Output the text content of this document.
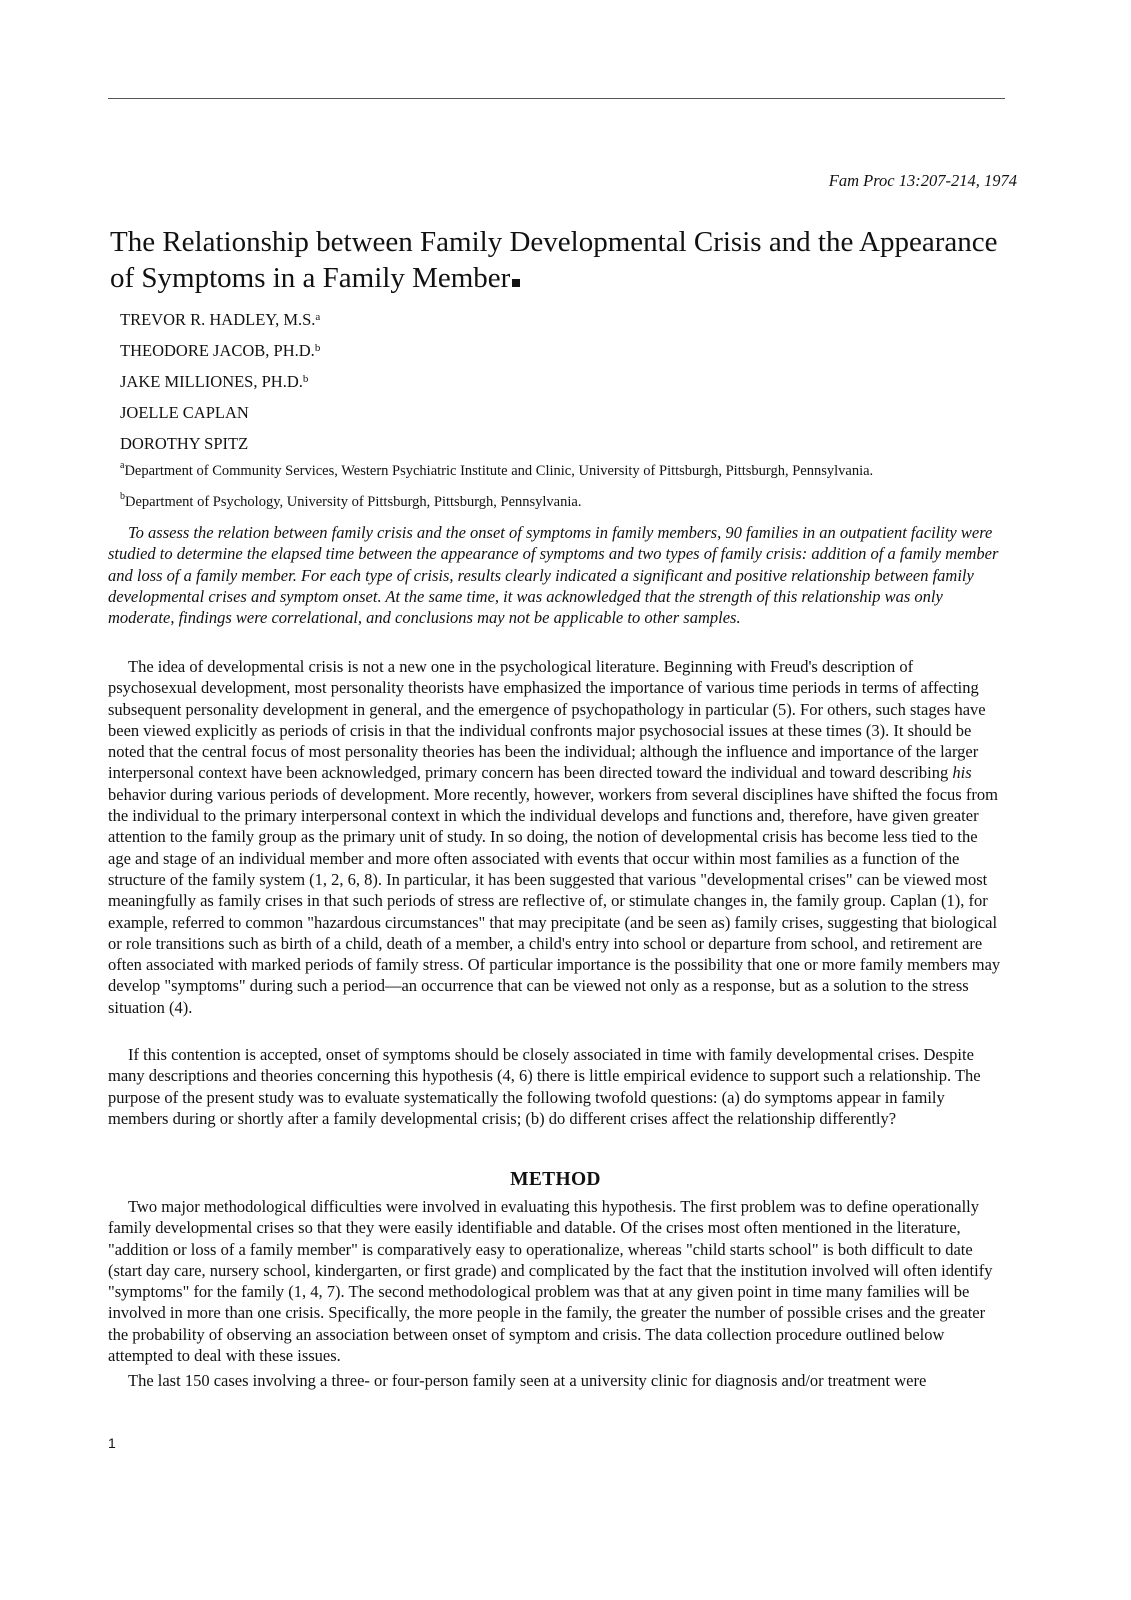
Fam Proc 13:207-214, 1974
The Relationship between Family Developmental Crisis and the Appearance of Symptoms in a Family Member
TREVOR R. HADLEY, M.S.$^a$
THEODORE JACOB, PH.D.$^b$
JAKE MILLIONES, PH.D.$^b$
JOELLE CAPLAN
DOROTHY SPITZ
$^a$Department of Community Services, Western Psychiatric Institute and Clinic, University of Pittsburgh, Pittsburgh, Pennsylvania.
$^b$Department of Psychology, University of Pittsburgh, Pittsburgh, Pennsylvania.

To assess the relation between family crisis and the onset of symptoms in family members, 90 families in an outpatient facility were studied to determine the elapsed time between the appearance of symptoms and two types of family crisis: addition of a family member and loss of a family member. For each type of crisis, results clearly indicated a significant and positive relationship between family developmental crises and symptom onset. At the same time, it was acknowledged that the strength of this relationship was only moderate, findings were correlational, and conclusions may not be applicable to other samples.

The idea of developmental crisis is not a new one in the psychological literature. Beginning with Freud's description of psychosexual development, most personality theorists have emphasized the importance of various time periods in terms of affecting subsequent personality development in general, and the emergence of psychopathology in particular (5). For others, such stages have been viewed explicitly as periods of crisis in that the individual confronts major psychosocial issues at these times (3). It should be noted that the central focus of most personality theories has been the individual; although the influence and importance of the larger interpersonal context have been acknowledged, primary concern has been directed toward the individual and toward describing his behavior during various periods of development. More recently, however, workers from several disciplines have shifted the focus from the individual to the primary interpersonal context in which the individual develops and functions and, therefore, have given greater attention to the family group as the primary unit of study. In so doing, the notion of developmental crisis has become less tied to the age and stage of an individual member and more often associated with events that occur within most families as a function of the structure of the family system (1, 2, 6, 8). In particular, it has been suggested that various "developmental crises" can be viewed most meaningfully as family crises in that such periods of stress are reflective of, or stimulate changes in, the family group. Caplan (1), for example, referred to common "hazardous circumstances" that may precipitate (and be seen as) family crises, suggesting that biological or role transitions such as birth of a child, death of a member, a child's entry into school or departure from school, and retirement are often associated with marked periods of family stress. Of particular importance is the possibility that one or more family members may develop "symptoms" during such a period—an occurrence that can be viewed not only as a response, but as a solution to the stress situation (4).

If this contention is accepted, onset of symptoms should be closely associated in time with family developmental crises. Despite many descriptions and theories concerning this hypothesis (4, 6) there is little empirical evidence to support such a relationship. The purpose of the present study was to evaluate systematically the following twofold questions: (a) do symptoms appear in family members during or shortly after a family developmental crisis; (b) do different crises affect the relationship differently?

METHOD

Two major methodological difficulties were involved in evaluating this hypothesis. The first problem was to define operationally family developmental crises so that they were easily identifiable and datable. Of the crises most often mentioned in the literature, "addition or loss of a family member" is comparatively easy to operationalize, whereas "child starts school" is both difficult to date (start day care, nursery school, kindergarten, or first grade) and complicated by the fact that the institution involved will often identify "symptoms" for the family (1, 4, 7). The second methodological problem was that at any given point in time many families will be involved in more than one crisis. Specifically, the more people in the family, the greater the number of possible crises and the greater the probability of observing an association between onset of symptom and crisis. The data collection procedure outlined below attempted to deal with these issues.

The last 150 cases involving a three- or four-person family seen at a university clinic for diagnosis and/or treatment were

1
